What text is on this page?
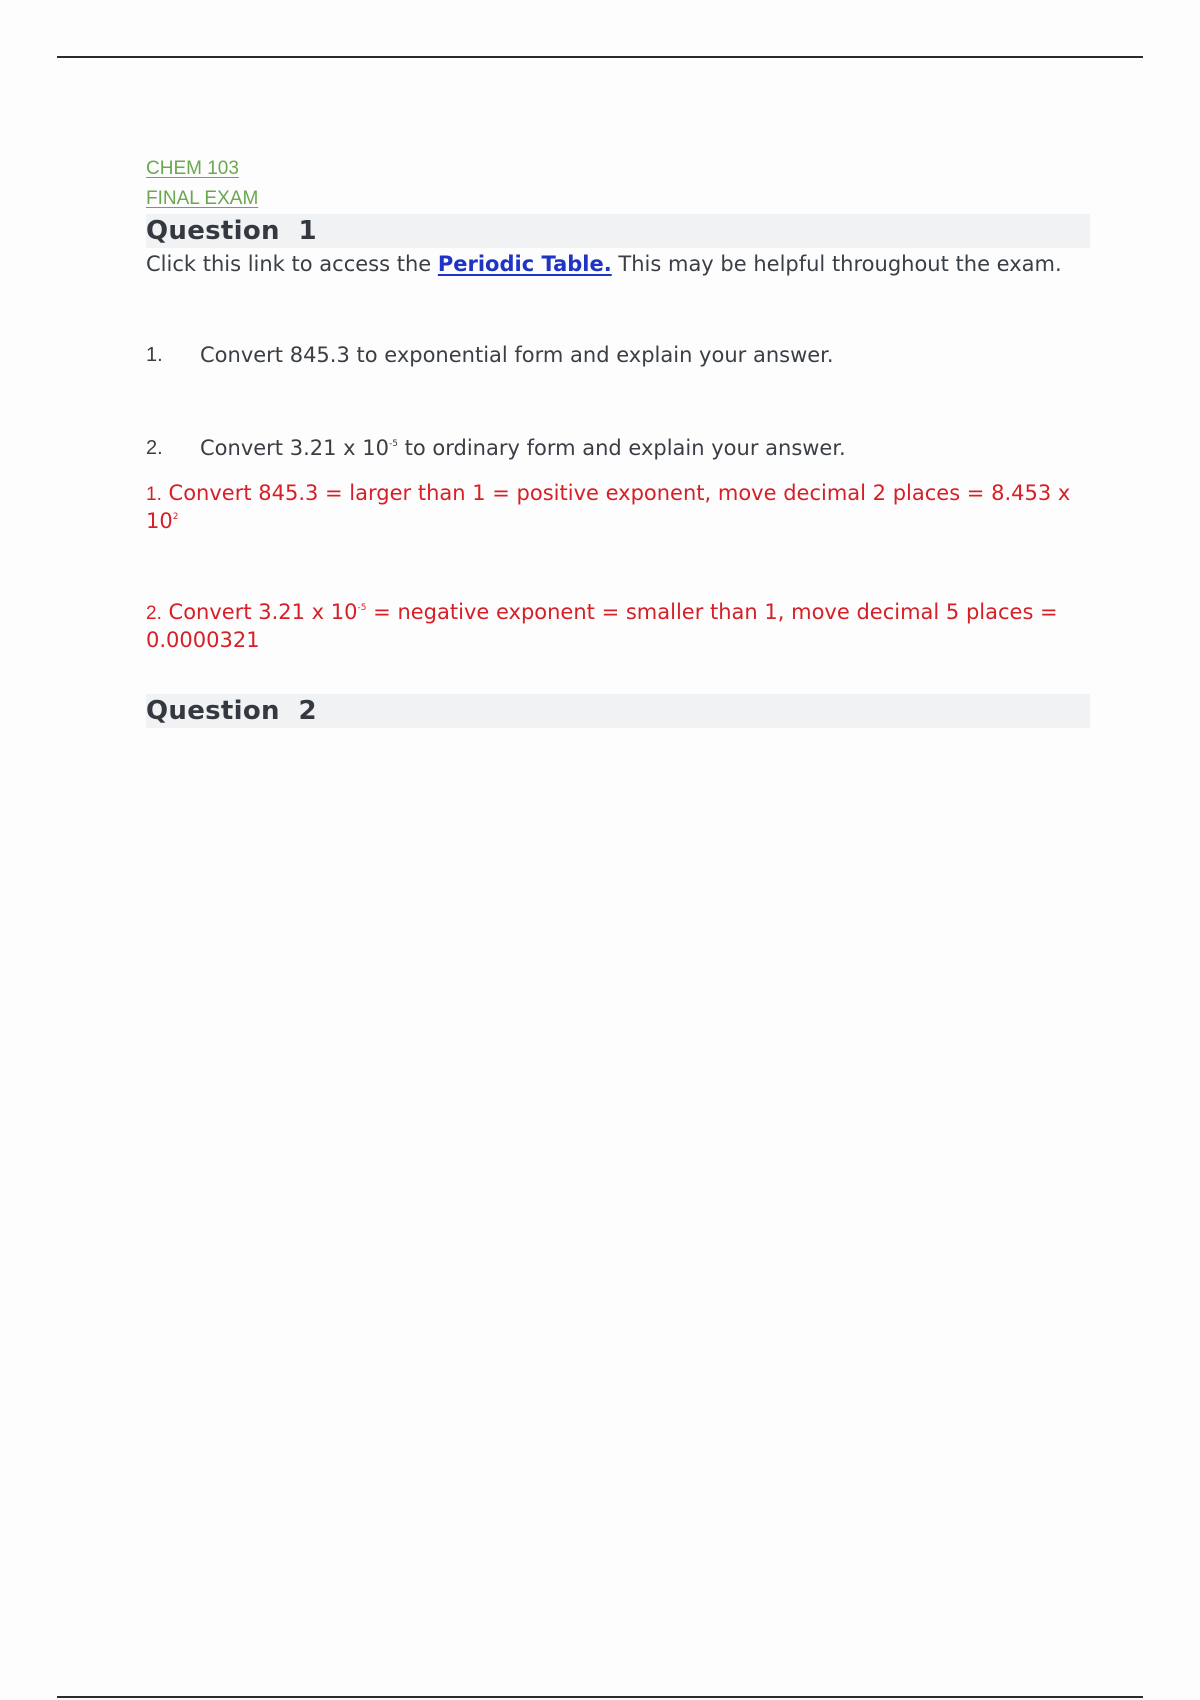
CHEM 103
FINAL EXAM
Question  1
Click this link to access the Periodic Table. This may be helpful throughout the exam.
1.	Convert 845.3 to exponential form and explain your answer.
2.	Convert 3.21 x $10^{-5}$ to ordinary form and explain your answer.
1. Convert 845.3 = larger than 1 = positive exponent, move decimal 2 places = 8.453 x $10^2$
2. Convert 3.21 x $10^{-5}$ = negative exponent = smaller than 1, move decimal 5 places = 0.0000321
Question  2
